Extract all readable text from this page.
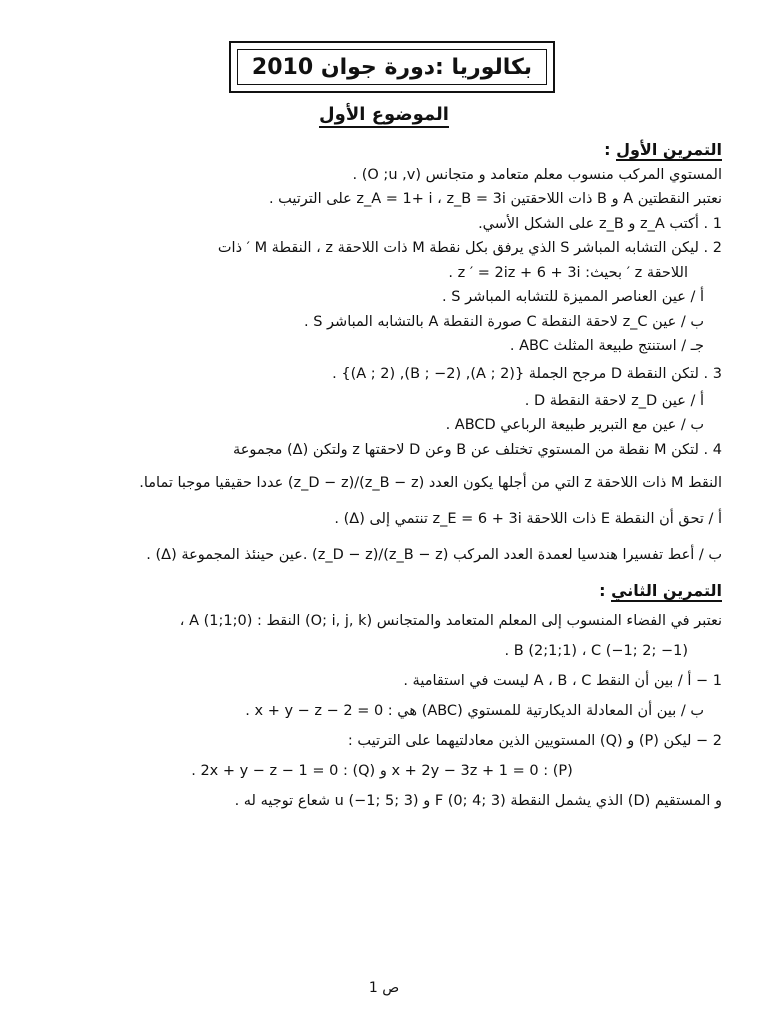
بكالوريا :دورة جوان 2010
الموضوع الأول
التمرين الأول :
المستوي المركب منسوب معلم متعامد و متجانس (O ;u ,v) .
نعتبر النقطتين A و B ذات اللاحقتين z_A = 1+ i ، z_B = 3i على الترتيب .
1 . أكتب z_A و z_B على الشكل الأسي.
2 . ليكن التشابه المباشر S الذي يرفق بكل نقطة M ذات اللاحقة z ، النقطة M ′ ذات
اللاحقة z ′ بحيث: z ′ = 2iz + 6 + 3i .
أ / عين العناصر المميزة للتشابه المباشر S .
ب / عين z_C لاحقة النقطة C صورة النقطة A بالتشابه المباشر S .
جـ / استنتج طبيعة المثلث ABC .
3 . لتكن النقطة D مرجح الجملة {(A ; 2), (B ; −2), (A ; 2)} .
أ / عين z_D لاحقة النقطة D .
ب / عين مع التبرير طبيعة الرباعي ABCD .
4 . لتكن M نقطة من المستوي تختلف عن B وعن D لاحقتها z ولتكن (Δ) مجموعة
النقط M ذات اللاحقة z التي من أجلها يكون العدد (z_B − z)/(z_D − z) عددا حقيقيا موجبا تماما.
أ / تحق أن النقطة E ذات اللاحقة z_E = 6 + 3i تنتمي إلى (Δ) .
ب / أعط تفسيرا هندسيا لعمدة العدد المركب (z_B − z)/(z_D − z) .عين حينئذ المجموعة (Δ) .
التمرين الثاني :
نعتبر في الفضاء المنسوب إلى المعلم المتعامد والمتجانس (O; i, j, k) النقط : A (1;1;0) ،
B (2;1;1) ، C (−1; 2; −1) .
1 − أ / بين أن النقط A ، B ، C ليست في استقامية .
ب / بين أن المعادلة الديكارتية للمستوي (ABC) هي : x + y − z − 2 = 0 .
2 − ليكن (P) و (Q) المستويين الذين معادلتيهما على الترتيب :
(P) : x + 2y − 3z + 1 = 0 و (Q) : 2x + y − z − 1 = 0 .
و المستقيم (D) الذي يشمل النقطة F (0; 4; 3) و u (−1; 5; 3) شعاع توجيه له .
ص 1
